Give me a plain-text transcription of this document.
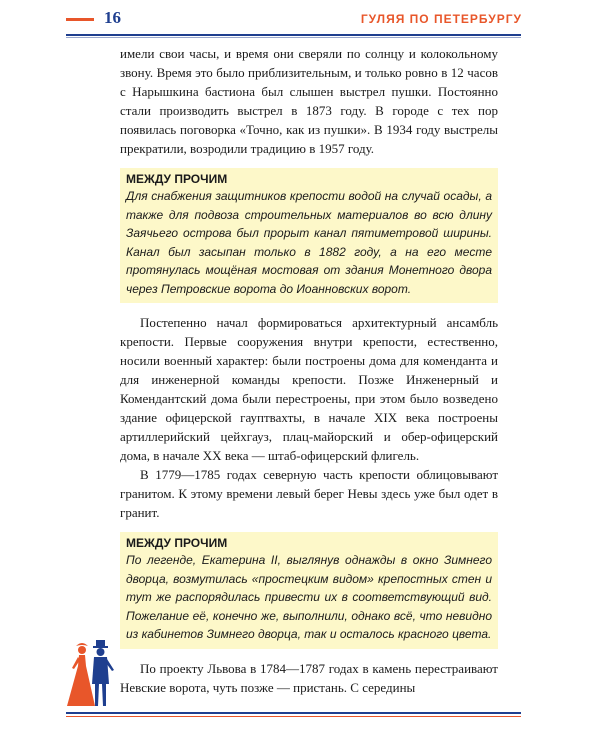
16	ГУЛЯЯ ПО ПЕТЕРБУРГУ

имели свои часы, и время они сверяли по солнцу и колокольному звону. Время это было приблизительным, и только ровно в 12 часов с Нарышкина бастиона был слышен выстрел пушки. Постоянно стали производить выстрел в 1873 году. В городе с тех пор появилась поговорка «Точно, как из пушки». В 1934 году выстрелы прекратили, возродили традицию в 1957 году.

МЕЖДУ ПРОЧИМ

Для снабжения защитников крепости водой на случай осады, а также для подвоза строительных материалов во всю длину Заячьего острова был прорыт канал пятиметровой ширины. Канал был засыпан только в 1882 году, а на его месте протянулась мощёная мостовая от здания Монетного двора через Петровские ворота до Иоанновских ворот.

Постепенно начал формироваться архитектурный ансамбль крепости. Первые сооружения внутри крепости, естественно, носили военный характер: были построены дома для коменданта и для инженерной команды крепости. Позже Инженерный и Комендантский дома были перестроены, при этом было возведено здание офицерской гауптвахты, в начале XIX века построены артиллерийский цейхгауз, плац-майорский и обер-офицерский дома, в начале XX века — штаб-офицерский флигель.

В 1779—1785 годах северную часть крепости облицовывают гранитом. К этому времени левый берег Невы здесь уже был одет в гранит.

МЕЖДУ ПРОЧИМ

По легенде, Екатерина II, выглянув однажды в окно Зимнего дворца, возмутилась «простецким видом» крепостных стен и тут же распорядилась привести их в соответствующий вид. Пожелание её, конечно же, выполнили, однако всё, что невидно из кабинетов Зимнего дворца, так и осталось красного цвета.

По проекту Львова в 1784—1787 годах в камень перестраивают Невские ворота, чуть позже — пристань. С середины
